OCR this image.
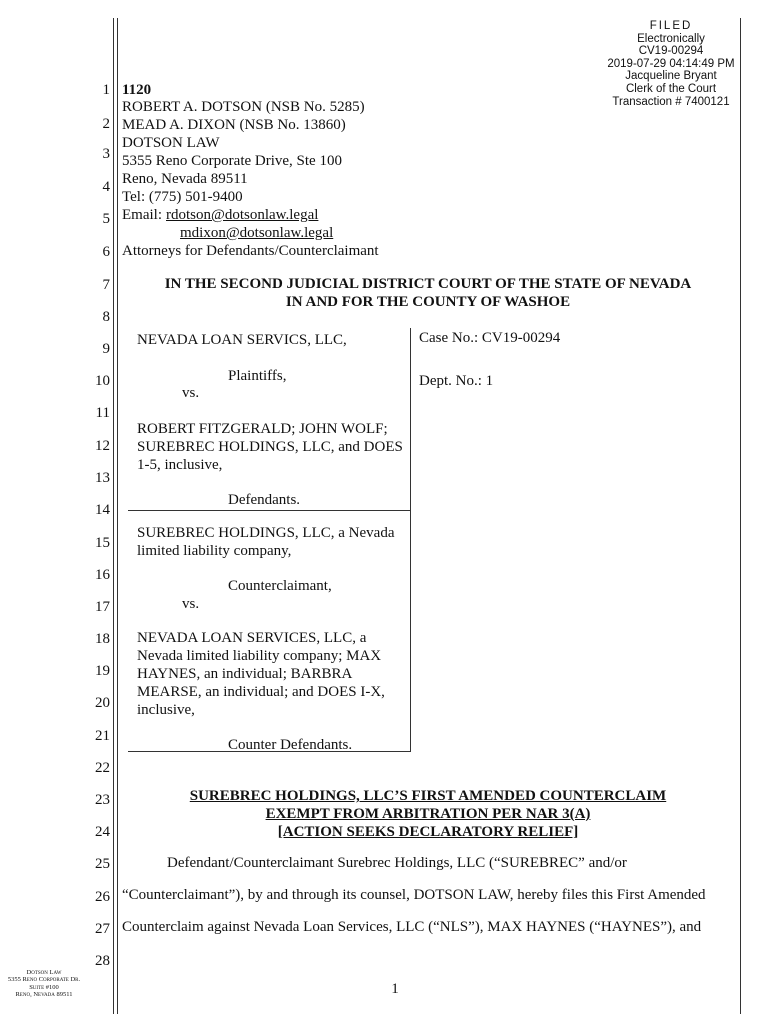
FILED
Electronically
CV19-00294
2019-07-29 04:14:49 PM
Jacqueline Bryant
Clerk of the Court
Transaction # 7400121
1
2
3
4
5
6
7
8
9
10
11
12
13
14
15
16
17
18
19
20
21
22
23
24
25
26
27
28
1120
ROBERT A. DOTSON (NSB No. 5285)
MEAD A. DIXON (NSB No. 13860)
DOTSON LAW
5355 Reno Corporate Drive, Ste 100
Reno, Nevada 89511
Tel: (775) 501-9400
Email: rdotson@dotsonlaw.legal
mdixon@dotsonlaw.legal
Attorneys for Defendants/Counterclaimant
IN THE SECOND JUDICIAL DISTRICT COURT OF THE STATE OF NEVADA
IN AND FOR THE COUNTY OF WASHOE
NEVADA LOAN SERVICS, LLC,
Plaintiffs,
vs.
ROBERT FITZGERALD; JOHN WOLF;
SUREBREC HOLDINGS, LLC, and DOES
1-5, inclusive,
Defendants.
SUREBREC HOLDINGS, LLC, a Nevada
limited liability company,
Counterclaimant,
vs.
NEVADA LOAN SERVICES, LLC, a
Nevada limited liability company; MAX
HAYNES, an individual; BARBRA
MEARSE, an individual; and DOES I-X,
inclusive,
Counter Defendants.
Case No.: CV19-00294
Dept. No.: 1
SUREBREC HOLDINGS, LLC’S FIRST AMENDED COUNTERCLAIM
EXEMPT FROM ARBITRATION PER NAR 3(A)
[ACTION SEEKS DECLARATORY RELIEF]
Defendant/Counterclaimant Surebrec Holdings, LLC (“SUREBREC” and/or
“Counterclaimant”), by and through its counsel, DOTSON LAW, hereby files this First Amended
Counterclaim against Nevada Loan Services, LLC (“NLS”), MAX HAYNES (“HAYNES”), and
Dotson Law
5355 Reno Corporate Dr.
Suite #100
Reno, Nevada 89511	1
